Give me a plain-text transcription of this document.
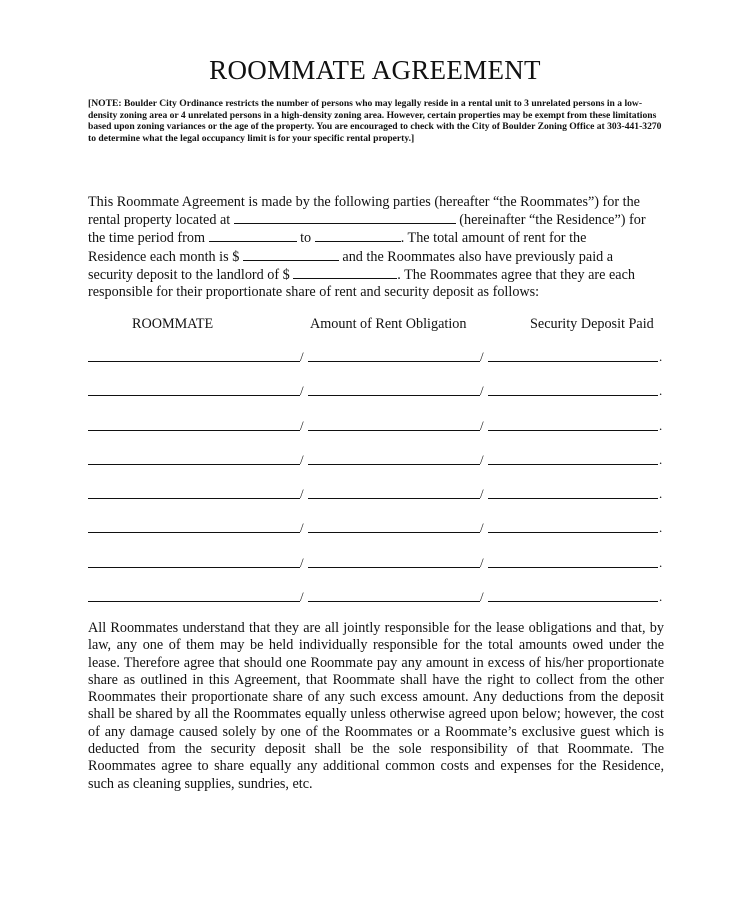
ROOMMATE AGREEMENT
[NOTE: Boulder City Ordinance restricts the number of persons who may legally reside in a rental unit to 3 unrelated persons in a low-density zoning area or 4 unrelated persons in a high-density zoning area. However, certain properties may be exempt from these limitations based upon zoning variances or the age of the property. You are encouraged to check with the City of Boulder Zoning Office at 303-441-3270 to determine what the legal occupancy limit is for your specific rental property.]
This Roommate Agreement is made by the following parties (hereafter “the Roommates”) for the
rental property located at	(hereinafter “the Residence”) for
the time period from	to	. The total amount of rent for the
Residence each month is $	and the Roommates also have previously paid a
security deposit to the landlord of $	. The Roommates agree that they are each
responsible for their proportionate share of rent and security deposit as follows:
ROOMMATE	Amount of Rent Obligation	Security Deposit Paid
/	/	.
/	/	.
/	/	.
/	/	.
/	/	.
/	/	.
/	/	.
/	/	.
All Roommates understand that they are all jointly responsible for the lease obligations and that, by law, any one of them may be held individually responsible for the total amounts owed under the lease. Therefore agree that should one Roommate pay any amount in excess of his/her proportionate share as outlined in this Agreement, that Roommate shall have the right to collect from the other Roommates their proportionate share of any such excess amount. Any deductions from the deposit shall be shared by all the Roommates equally unless otherwise agreed upon below; however, the cost of any damage caused solely by one of the Roommates or a Roommate’s exclusive guest which is deducted from the security deposit shall be the sole responsibility of that Roommate. The Roommates agree to share equally any additional common costs and expenses for the Residence, such as cleaning supplies, sundries, etc.
